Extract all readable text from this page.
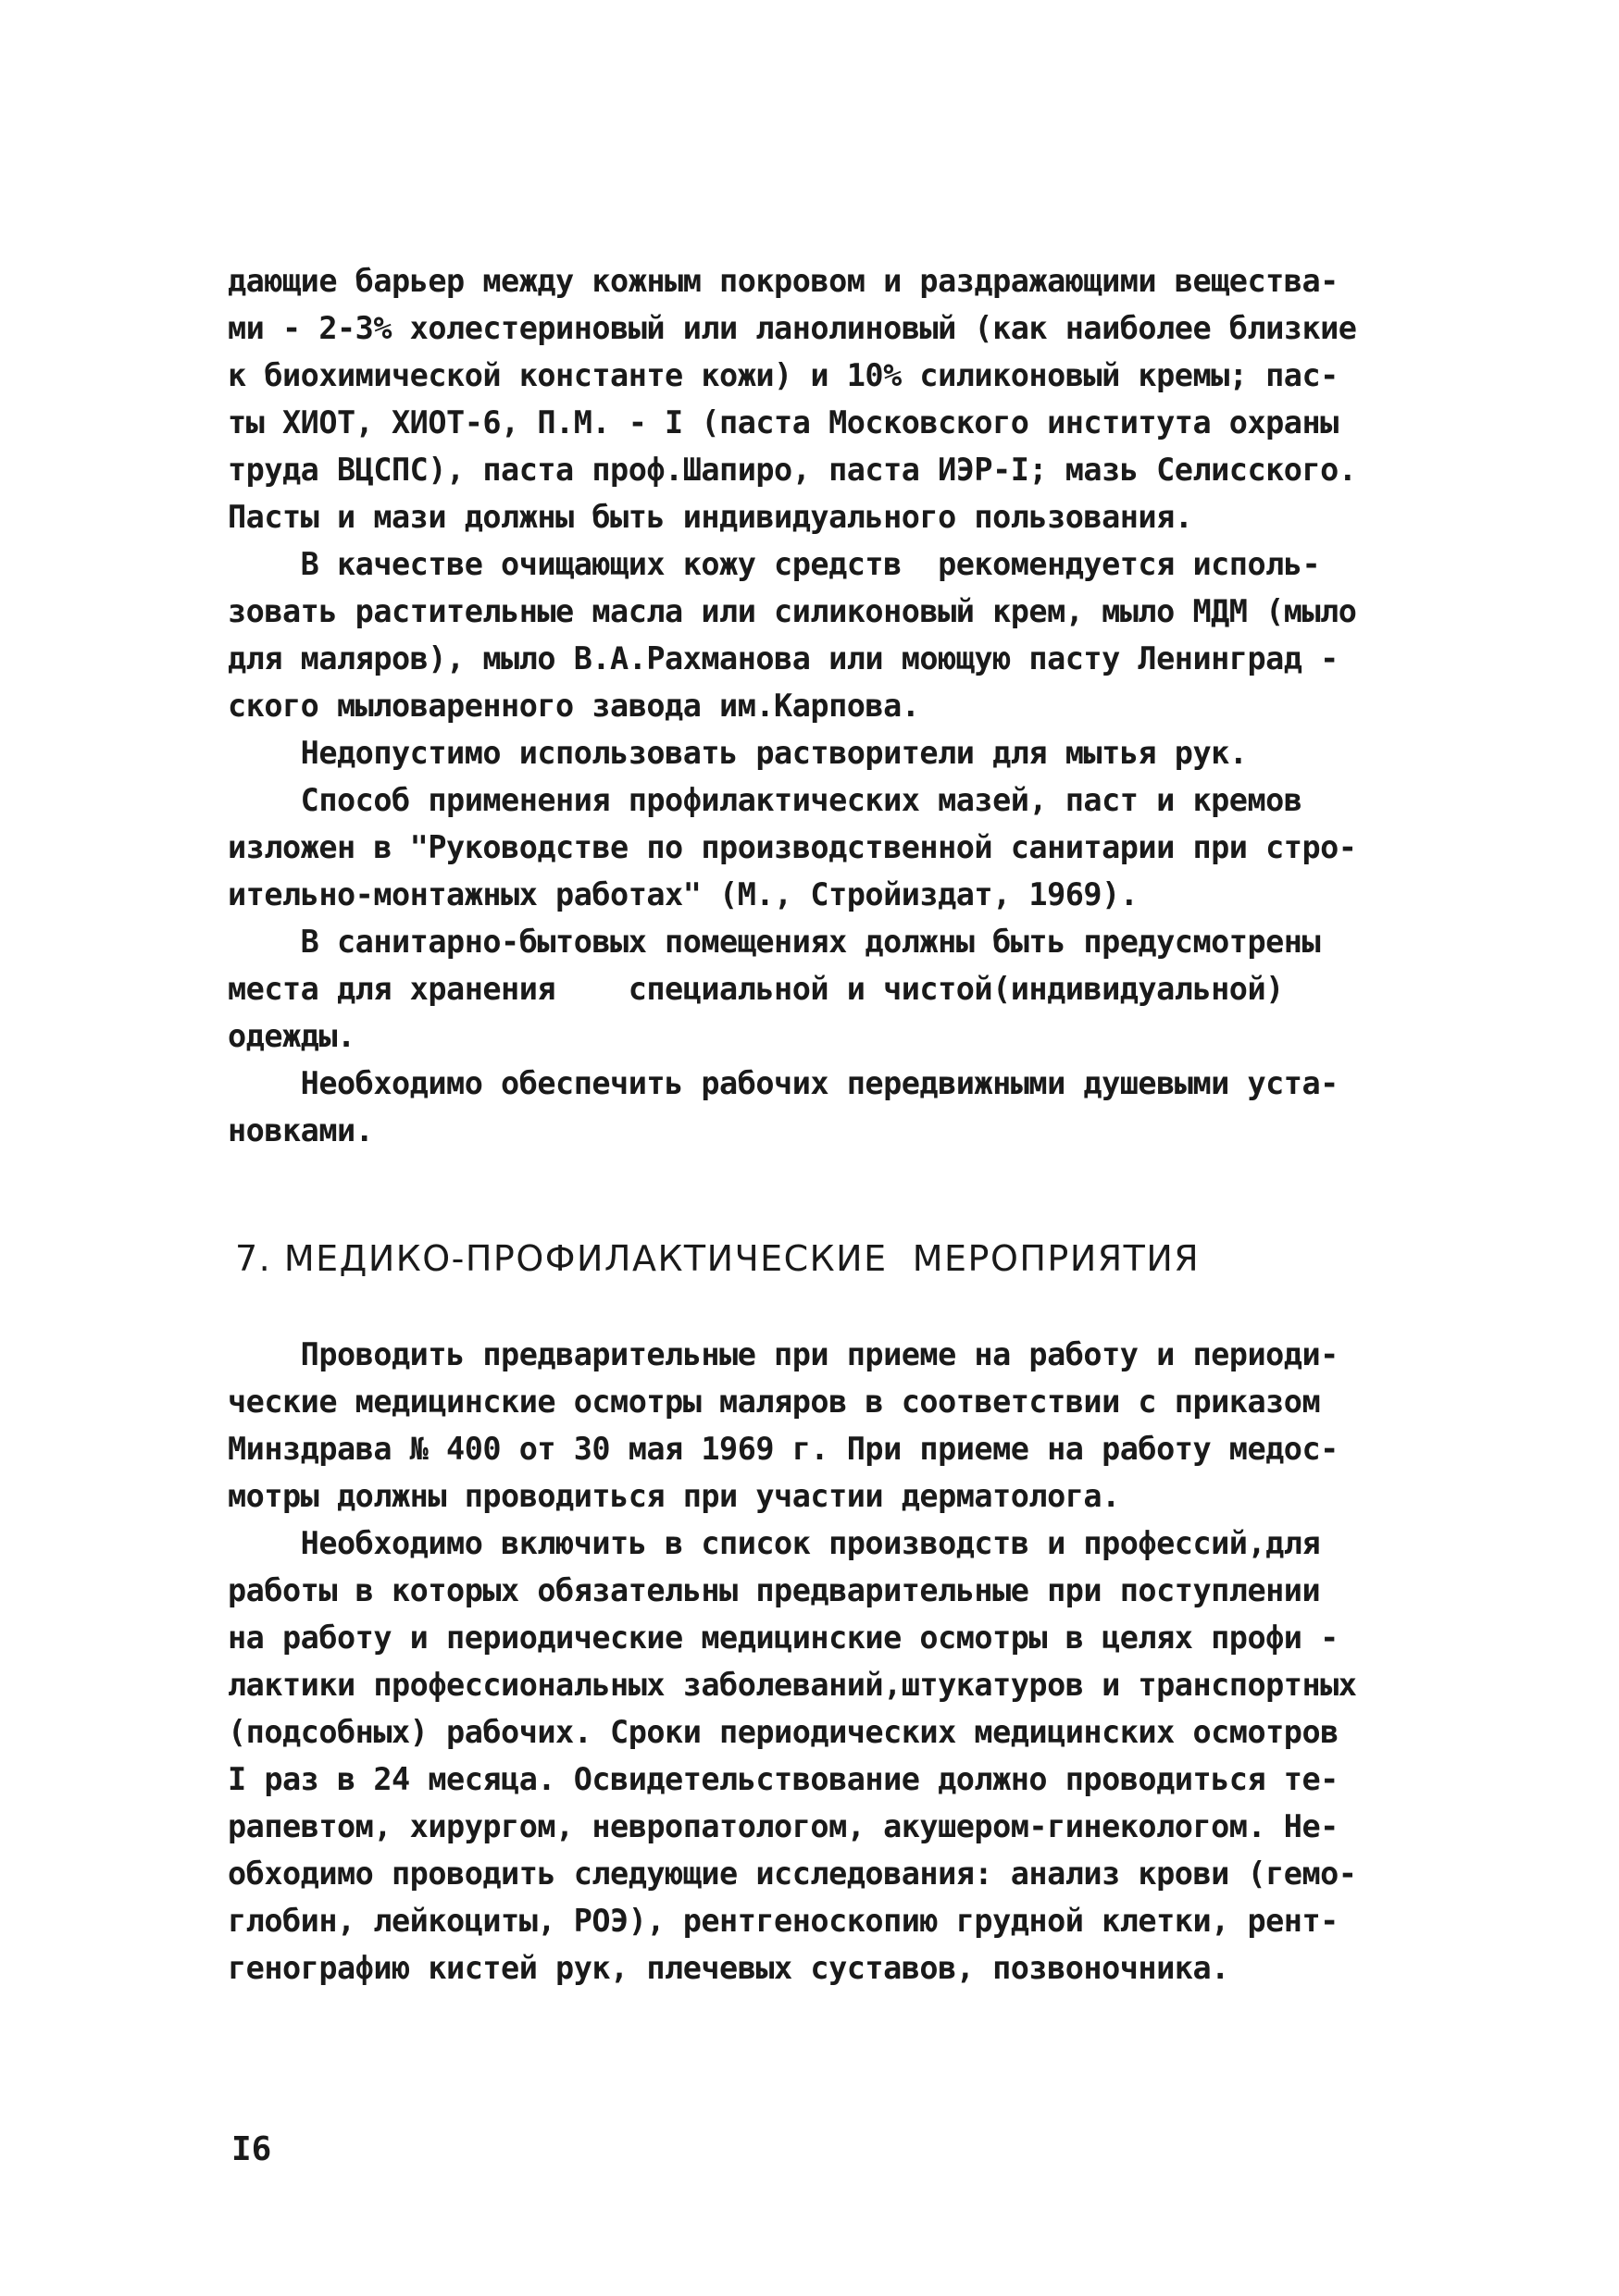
дающие барьер между кожным покровом и раздражающими вещества-
ми - 2-3% холестериновый или ланолиновый (как наиболее близкие
к биохимической константе кожи) и 10% силиконовый кремы; пас-
ты ХИОТ, ХИОТ-6, П.М. - I (паста Московского института охраны
труда ВЦСПС), паста проф.Шапиро, паста ИЭР-I; мазь Селисского.
Пасты и мази должны быть индивидуального пользования.
В качестве очищающих кожу средств  рекомендуется исполь-
зовать растительные масла или силиконовый крем, мыло МДМ (мыло
для маляров), мыло В.А.Рахманова или моющую пасту Ленинград -
ского мыловаренного завода им.Карпова.
Недопустимо использовать растворители для мытья рук.
Способ применения профилактических мазей, паст и кремов
изложен в "Руководстве по производственной санитарии при стро-
ительно-монтажных работах" (М., Стройиздат, 1969).
В санитарно-бытовых помещениях должны быть предусмотрены
места для хранения    специальной и чистой(индивидуальной)
одежды.
Необходимо обеспечить рабочих передвижными душевыми уста-
новками.
7. МЕДИКО-ПРОФИЛАКТИЧЕСКИЕ  МЕРОПРИЯТИЯ
Проводить предварительные при приеме на работу и периоди-
ческие медицинские осмотры маляров в соответствии с приказом
Минздрава № 400 от 30 мая 1969 г. При приеме на работу медос-
мотры должны проводиться при участии дерматолога.
Необходимо включить в список производств и профессий,для
работы в которых обязательны предварительные при поступлении
на работу и периодические медицинские осмотры в целях профи -
лактики профессиональных заболеваний,штукатуров и транспортных
(подсобных) рабочих. Сроки периодических медицинских осмотров
I раз в 24 месяца. Освидетельствование должно проводиться те-
рапевтом, хирургом, невропатологом, акушером-гинекологом. Не-
обходимо проводить следующие исследования: анализ крови (гемо-
глобин, лейкоциты, РОЭ), рентгеноскопию грудной клетки, рент-
генографию кистей рук, плечевых суставов, позвоночника.
I6
